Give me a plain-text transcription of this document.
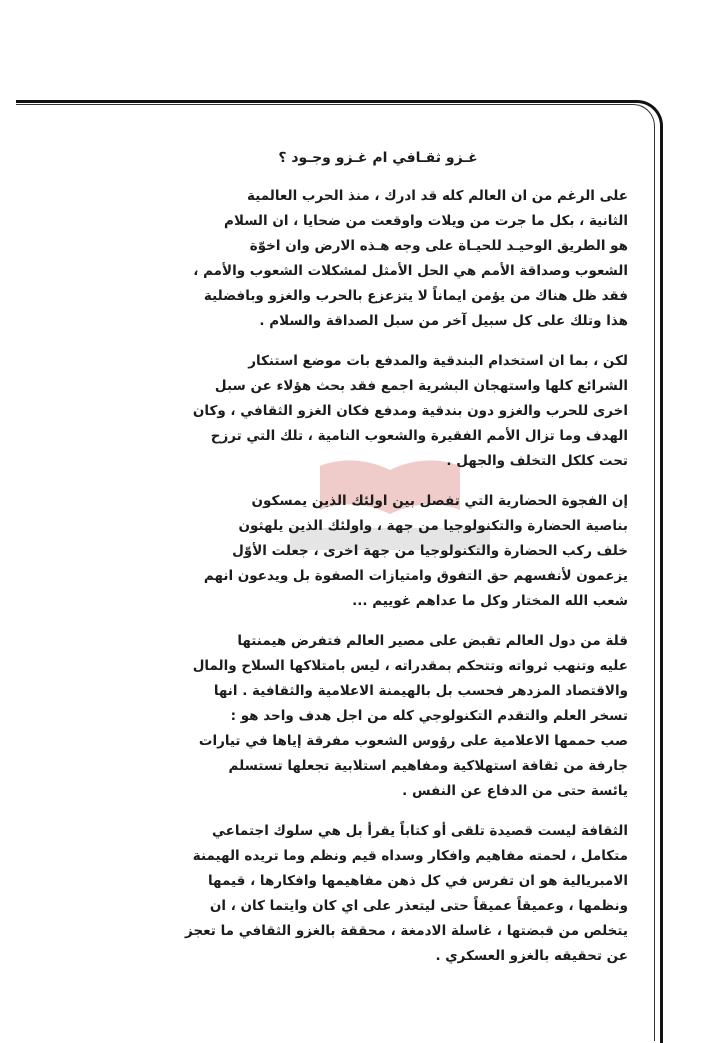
غـزو ثقـافي ام غـزو وجـود ؟
على الرغم من ان العالم كله قد ادرك ، منذ الحرب العالمية
الثانية ، بكل ما جرت من ويلات واوقعت من ضحايا ، ان السلام
هو الطريق الوحيـد للحيـاة على وجه هـذه الارض وان اخوّة
الشعوب وصداقة الأمم هي الحل الأمثل لمشكلات الشعوب والأمم ،
فقد ظل هناك من يؤمن ايماناً لا يتزعزع بالحرب والغزو وبافضلية
هذا وتلك على كل سبيل آخر من سبل الصداقة والسلام .
لكن ، بما ان استخدام البندقية والمدفع بات موضع استنكار
الشرائع كلها واستهجان البشرية اجمع فقد بحث هؤلاء عن سبل
اخرى للحرب والغزو دون بندقية ومدفع فكان الغزو الثقافي ، وكان
الهدف وما تزال الأمم الفقيرة والشعوب النامية ، تلك التي ترزح
تحت كلكل التخلف والجهل .
إن الفجوة الحضارية التي تفصل بين اولئك الذين يمسكون
بناصية الحضارة والتكنولوجيا من جهة ، واولئك الذين يلهثون
خلف ركب الحضارة والتكنولوجيا من جهة اخرى ، جعلت الأوّل
يزعمون لأنفسهم حق التفوق وامتيازات الصفوة بل ويدعون انهم
شعب الله المختار وكل ما عداهم غوييم ...
قلة من دول العالم تقبض على مصير العالم فتفرض هيمنتها
عليه وتنهب ثرواته وتتحكم بمقدراته ، ليس بامتلاكها السلاح والمال
والاقتصاد المزدهر فحسب بل بالهيمنة الاعلامية والثقافية . انها
تسخر العلم والتقدم التكنولوجي كله من اجل هدف واحد هو :
صب حممها الاعلامية على رؤوس الشعوب مفرقة إياها في تيارات
جارفة من ثقافة استهلاكية ومفاهيم استلابية تجعلها تستسلم
يائسة حتى من الدفاع عن النفس .
الثقافة ليست قصيدة تلقى أو كتاباً يقرأ بل هي سلوك اجتماعي
متكامل ، لحمته مفاهيم وافكار وسداه قيم ونظم وما تريده الهيمنة
الامبريالية هو ان تفرس في كل ذهن مفاهيمها وافكارها ، قيمها
ونظمها ، وعميقاً عميقاً حتى ليتعذر على اي كان وايتما كان ، ان
يتخلص من قبضتها ، غاسلة الادمغة ، محققة بالغزو الثقافي ما تعجز
عن تحقيقه بالغزو العسكري .
